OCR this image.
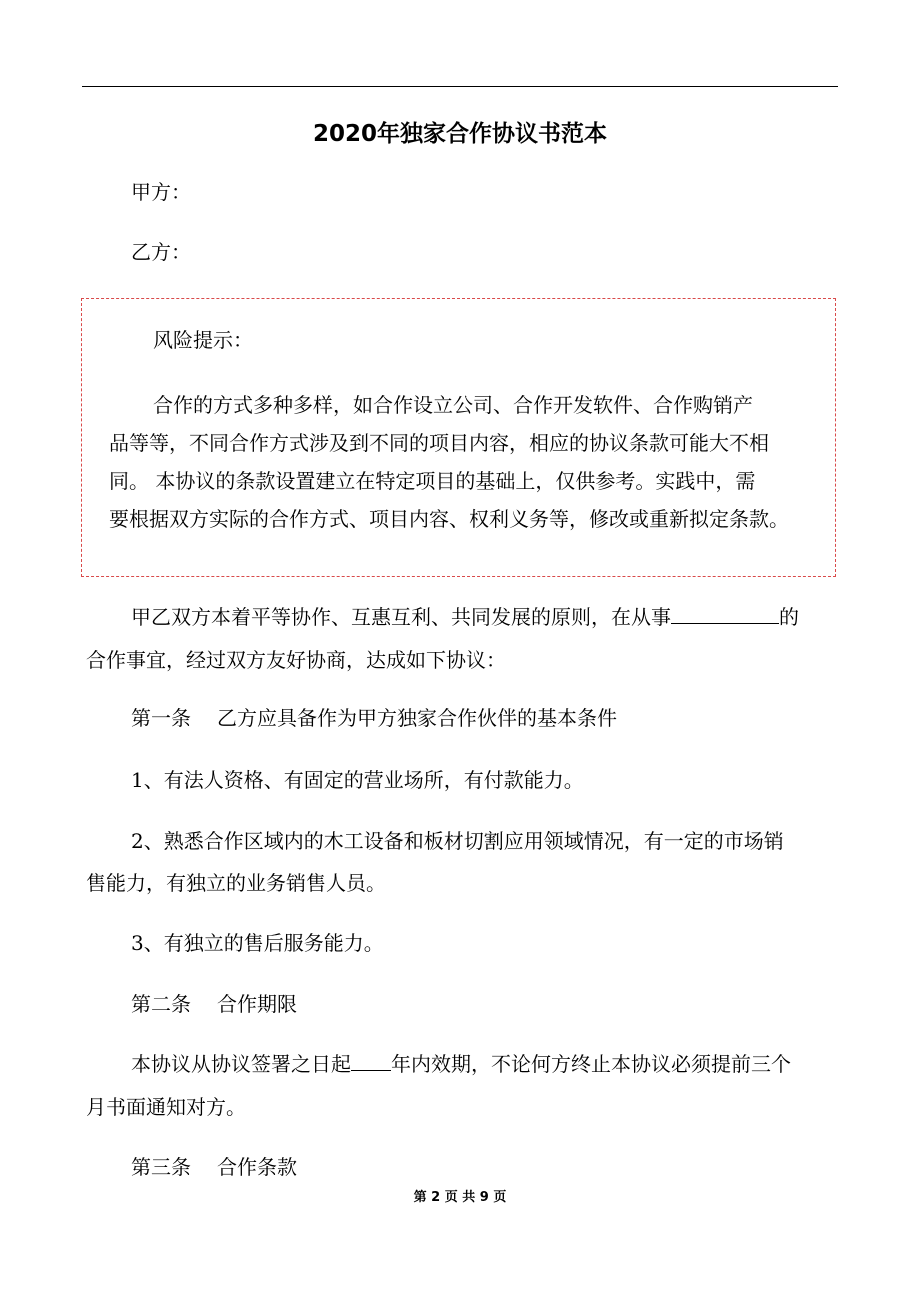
2020年独家合作协议书范本
甲方：
乙方：
风险提示：
合作的方式多种多样，如合作设立公司、合作开发软件、合作购销产
品等等，不同合作方式涉及到不同的项目内容，相应的协议条款可能大不相
同。 本协议的条款设置建立在特定项目的基础上，仅供参考。实践中，需
要根据双方实际的合作方式、项目内容、权利义务等，修改或重新拟定条款。
甲乙双方本着平等协作、互惠互利、共同发展的原则，在从事	的
合作事宜，经过双方友好协商，达成如下协议：
第一条 乙方应具备作为甲方独家合作伙伴的基本条件
1、有法人资格、有固定的营业场所，有付款能力。
2、熟悉合作区域内的木工设备和板材切割应用领域情况，有一定的市场销
售能力，有独立的业务销售人员。
3、有独立的售后服务能力。
第二条 合作期限
本协议从协议签署之日起 年内效期，不论何方终止本协议必须提前三个
月书面通知对方。
第三条 合作条款
第 2 页 共 9 页
